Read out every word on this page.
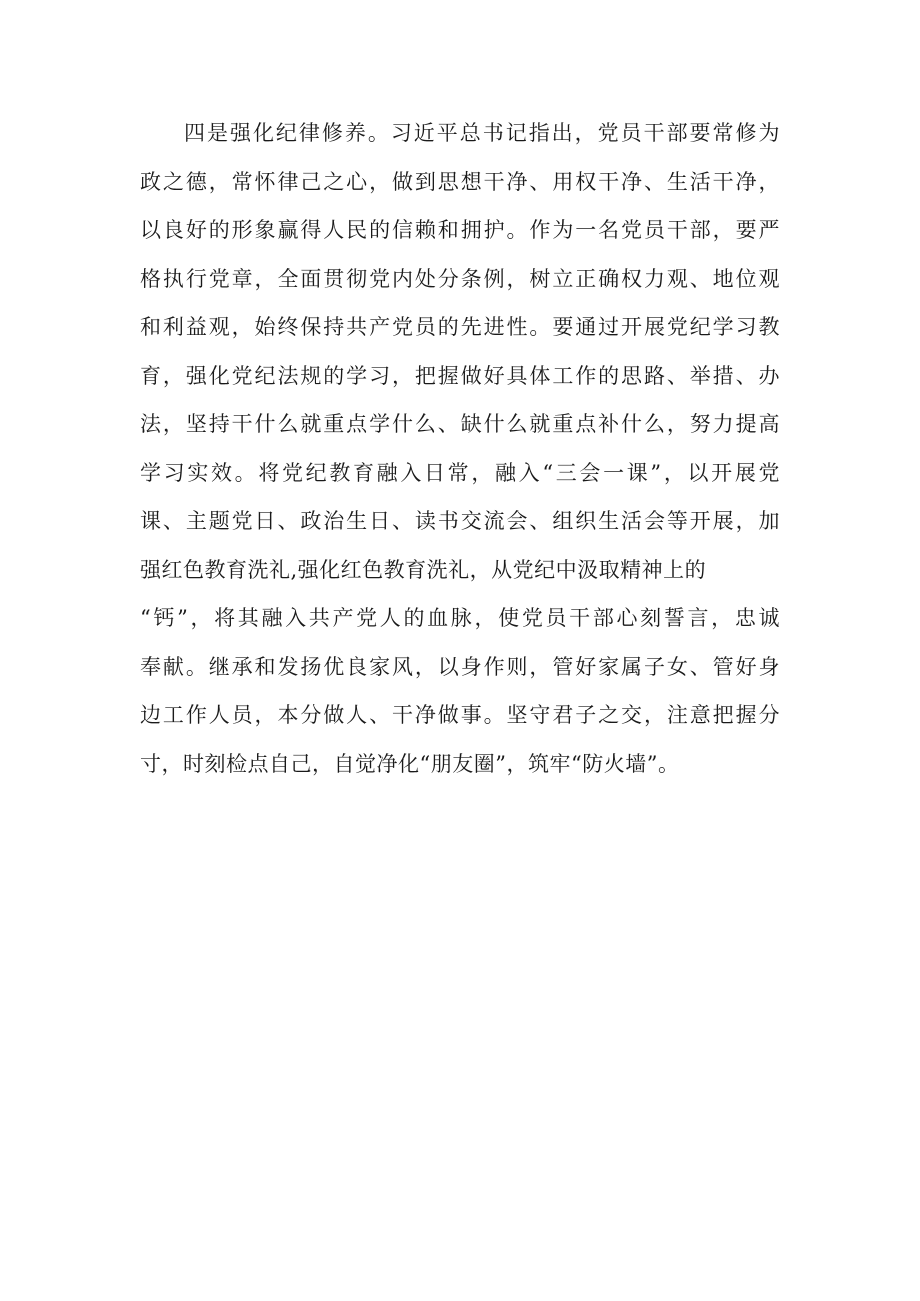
四是强化纪律修养。习近平总书记指出，党员干部要常修为
政之德，常怀律己之心，做到思想干净、用权干净、生活干净，
以良好的形象赢得人民的信赖和拥护。作为一名党员干部，要严
格执行党章，全面贯彻党内处分条例，树立正确权力观、地位观
和利益观，始终保持共产党员的先进性。要通过开展党纪学习教
育，强化党纪法规的学习，把握做好具体工作的思路、举措、办
法，坚持干什么就重点学什么、缺什么就重点补什么，努力提高
学习实效。将党纪教育融入日常，融入“三会一课”，以开展党
课、主题党日、政治生日、读书交流会、组织生活会等开展，加
强红色教育洗礼,强化红色教育洗礼，从党纪中汲取精神上的
“钙”，将其融入共产党人的血脉，使党员干部心刻誓言，忠诚
奉献。继承和发扬优良家风，以身作则，管好家属子女、管好身
边工作人员，本分做人、干净做事。坚守君子之交，注意把握分
寸，时刻检点自己，自觉净化“朋友圈”，筑牢“防火墙”。
